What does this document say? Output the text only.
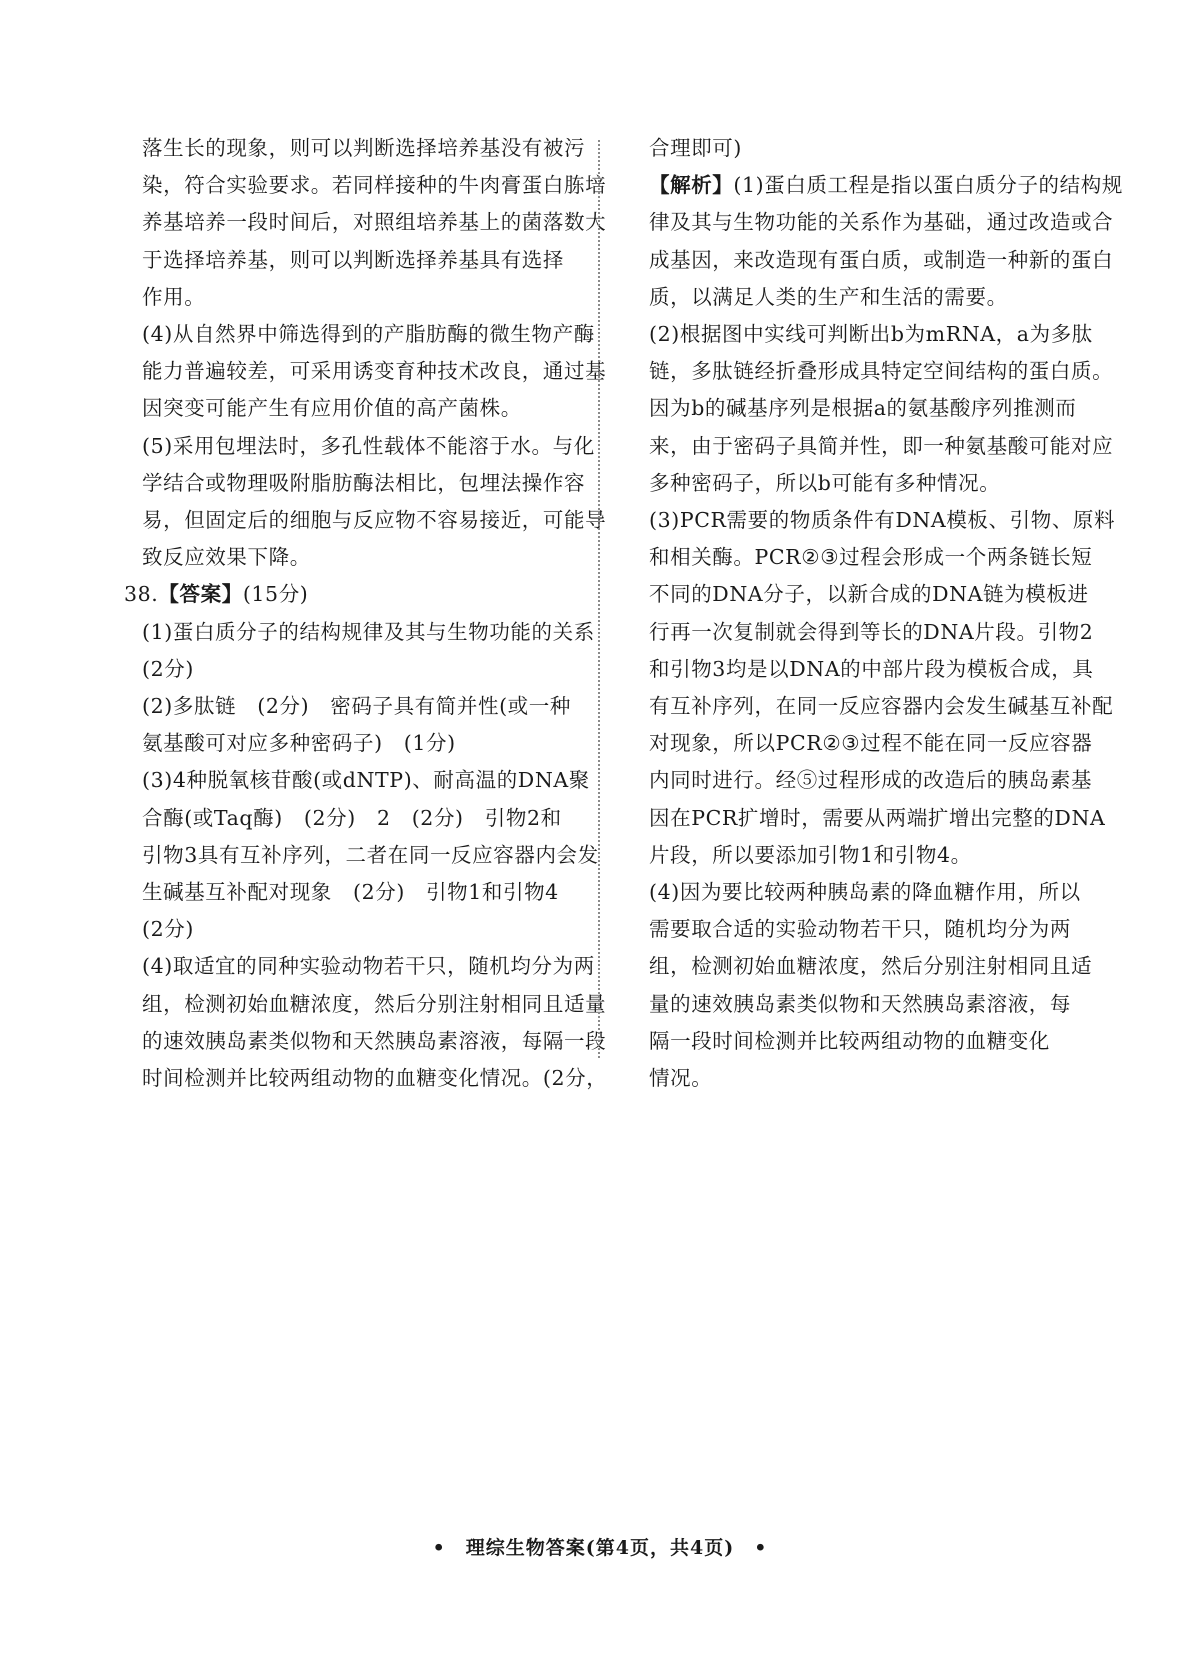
落生长的现象，则可以判断选择培养基没有被污
染，符合实验要求。若同样接种的牛肉膏蛋白胨培
养基培养一段时间后，对照组培养基上的菌落数大
于选择培养基，则可以判断选择养基具有选择
作用。
(4)从自然界中筛选得到的产脂肪酶的微生物产酶
能力普遍较差，可采用诱变育种技术改良，通过基
因突变可能产生有应用价值的高产菌株。
(5)采用包埋法时，多孔性载体不能溶于水。与化
学结合或物理吸附脂肪酶法相比，包埋法操作容
易，但固定后的细胞与反应物不容易接近，可能导
致反应效果下降。
38.【答案】(15分)
(1)蛋白质分子的结构规律及其与生物功能的关系
(2分)
(2)多肽链　(2分)　密码子具有简并性(或一种
氨基酸可对应多种密码子)　(1分)
(3)4种脱氧核苷酸(或dNTP)、耐高温的DNA聚
合酶(或Taq酶)　(2分)　2　(2分)　引物2和
引物3具有互补序列，二者在同一反应容器内会发
生碱基互补配对现象　(2分)　引物1和引物4
(2分)
(4)取适宜的同种实验动物若干只，随机均分为两
组，检测初始血糖浓度，然后分别注射相同且适量
的速效胰岛素类似物和天然胰岛素溶液，每隔一段
时间检测并比较两组动物的血糖变化情况。(2分，
合理即可)
【解析】(1)蛋白质工程是指以蛋白质分子的结构规
律及其与生物功能的关系作为基础，通过改造或合
成基因，来改造现有蛋白质，或制造一种新的蛋白
质，以满足人类的生产和生活的需要。
(2)根据图中实线可判断出b为mRNA，a为多肽
链，多肽链经折叠形成具特定空间结构的蛋白质。
因为b的碱基序列是根据a的氨基酸序列推测而
来，由于密码子具简并性，即一种氨基酸可能对应
多种密码子，所以b可能有多种情况。
(3)PCR需要的物质条件有DNA模板、引物、原料
和相关酶。PCR②③过程会形成一个两条链长短
不同的DNA分子，以新合成的DNA链为模板进
行再一次复制就会得到等长的DNA片段。引物2
和引物3均是以DNA的中部片段为模板合成，具
有互补序列，在同一反应容器内会发生碱基互补配
对现象，所以PCR②③过程不能在同一反应容器
内同时进行。经⑤过程形成的改造后的胰岛素基
因在PCR扩增时，需要从两端扩增出完整的DNA
片段，所以要添加引物1和引物4。
(4)因为要比较两种胰岛素的降血糖作用，所以
需要取合适的实验动物若干只，随机均分为两
组，检测初始血糖浓度，然后分别注射相同且适
量的速效胰岛素类似物和天然胰岛素溶液，每
隔一段时间检测并比较两组动物的血糖变化
情况。
•　理综生物答案(第4页，共4页)　•
